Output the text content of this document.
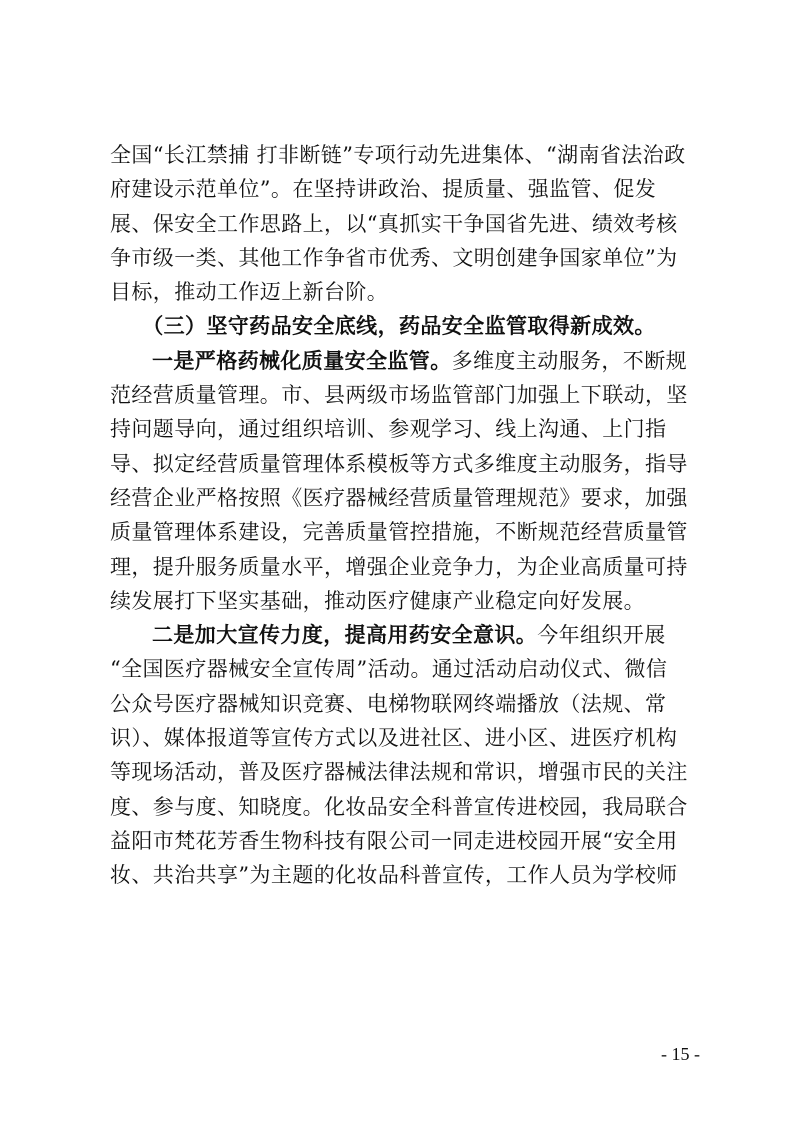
全国“长江禁捕 打非断链”专项行动先进集体、“湖南省法治政
府建设示范单位”。在坚持讲政治、提质量、强监管、促发
展、保安全工作思路上，以“真抓实干争国省先进、绩效考核
争市级一类、其他工作争省市优秀、文明创建争国家单位”为
目标，推动工作迈上新台阶。
（三）坚守药品安全底线，药品安全监管取得新成效。
一是严格药械化质量安全监管。多维度主动服务，不断规
范经营质量管理。市、县两级市场监管部门加强上下联动，坚
持问题导向，通过组织培训、参观学习、线上沟通、上门指
导、拟定经营质量管理体系模板等方式多维度主动服务，指导
经营企业严格按照《医疗器械经营质量管理规范》要求，加强
质量管理体系建设，完善质量管控措施，不断规范经营质量管
理，提升服务质量水平，增强企业竞争力，为企业高质量可持
续发展打下坚实基础，推动医疗健康产业稳定向好发展。
二是加大宣传力度，提高用药安全意识。今年组织开展
“全国医疗器械安全宣传周”活动。通过活动启动仪式、微信
公众号医疗器械知识竞赛、电梯物联网终端播放（法规、常
识）、媒体报道等宣传方式以及进社区、进小区、进医疗机构
等现场活动，普及医疗器械法律法规和常识，增强市民的关注
度、参与度、知晓度。化妆品安全科普宣传进校园，我局联合
益阳市梵花芳香生物科技有限公司一同走进校园开展“安全用
妆、共治共享”为主题的化妆品科普宣传，工作人员为学校师
- 15 -
